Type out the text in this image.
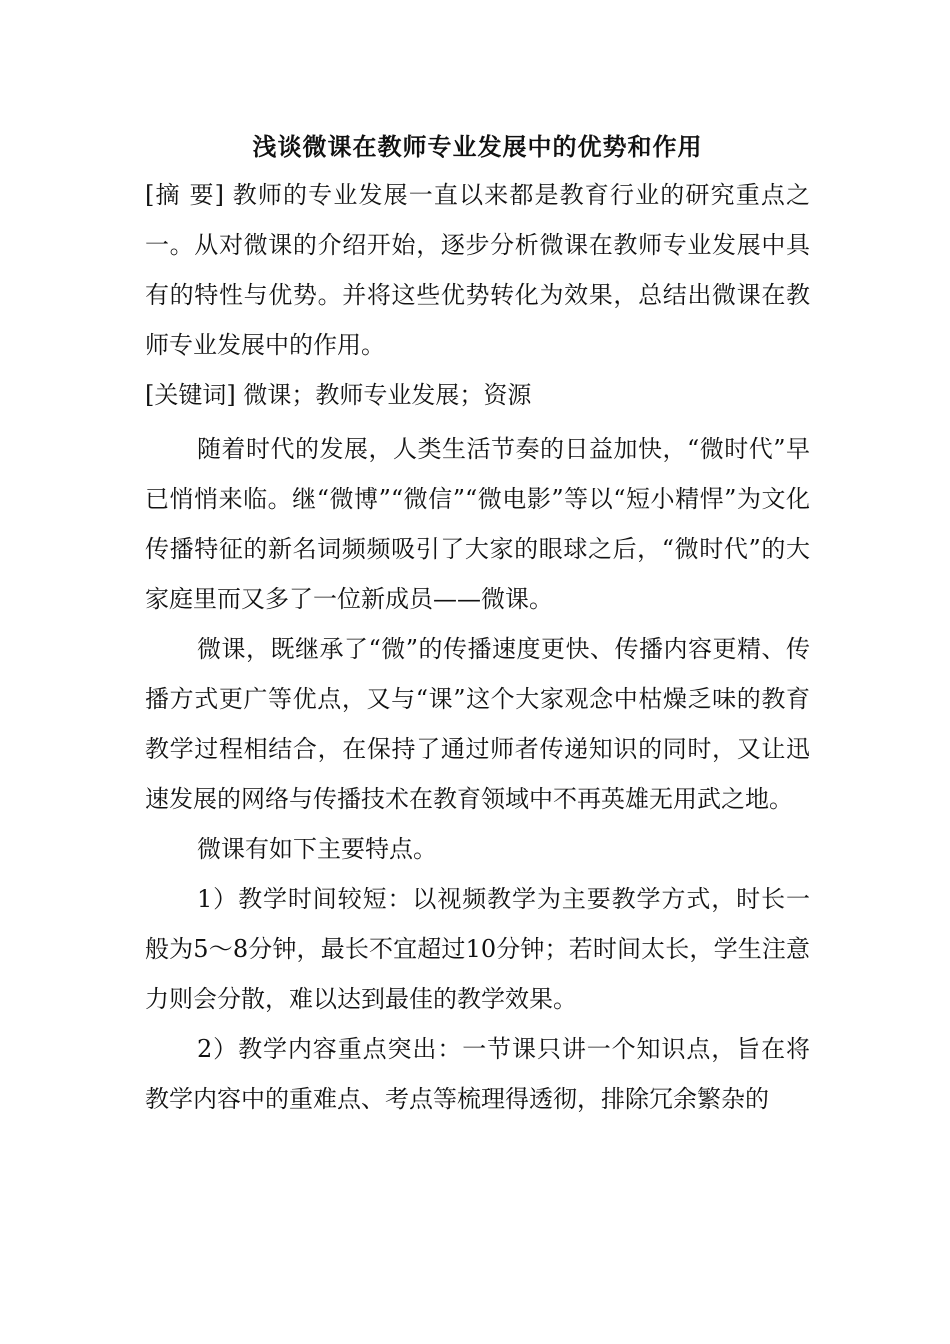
浅谈微课在教师专业发展中的优势和作用

[摘 要] 教师的专业发展一直以来都是教育行业的研究重点之一。从对微课的介绍开始，逐步分析微课在教师专业发展中具有的特性与优势。并将这些优势转化为效果，总结出微课在教师专业发展中的作用。

[关键词] 微课；教师专业发展；资源

随着时代的发展，人类生活节奏的日益加快，“微时代”早已悄悄来临。继“微博”“微信”“微电影”等以“短小精悍”为文化传播特征的新名词频频吸引了大家的眼球之后，“微时代”的大家庭里而又多了一位新成员——微课。

微课，既继承了“微”的传播速度更快、传播内容更精、传播方式更广等优点，又与“课”这个大家观念中枯燥乏味的教育教学过程相结合，在保持了通过师者传递知识的同时，又让迅速发展的网络与传播技术在教育领域中不再英雄无用武之地。

微课有如下主要特点。

1）教学时间较短：以视频教学为主要教学方式，时长一般为5～8分钟，最长不宜超过10分钟；若时间太长，学生注意力则会分散，难以达到最佳的教学效果。

2）教学内容重点突出：一节课只讲一个知识点，旨在将教学内容中的重难点、考点等梳理得透彻，排除冗余繁杂的
